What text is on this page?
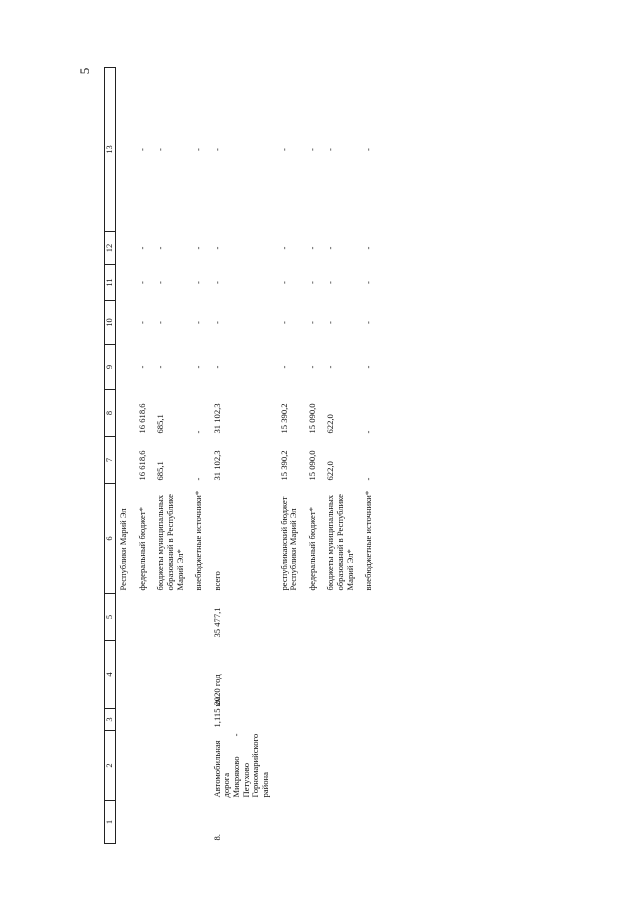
5
1	2	3	4	5	6	7	8	9	10	11	12	13
					Республики Марий Эл							
					федеральный бюджет*	16 618,6	16 618,6	-	-	-	-	-
					бюджеты муниципальных образований в Республике Марий Эл*	685,1	685,1	-	-	-	-	-
					внебюджетные источники*	-	-	-	-	-	-	-
8.	Автомобильная дорога Микряково - Петухово Горномарийского района	1,115 км	2020 год	35 477,1	всего	31 102,3	31 102,3	-	-	-	-	-
					республиканский бюджет Республики Марий Эл	15 390,2	15 390,2	-	-	-	-	-
					федеральный бюджет*	15 090,0	15 090,0	-	-	-	-	-
					бюджеты муниципальных образований в Республике Марий Эл*	622,0	622,0	-	-	-	-	-
					внебюджетные источники*	-	-	-	-	-	-	-
